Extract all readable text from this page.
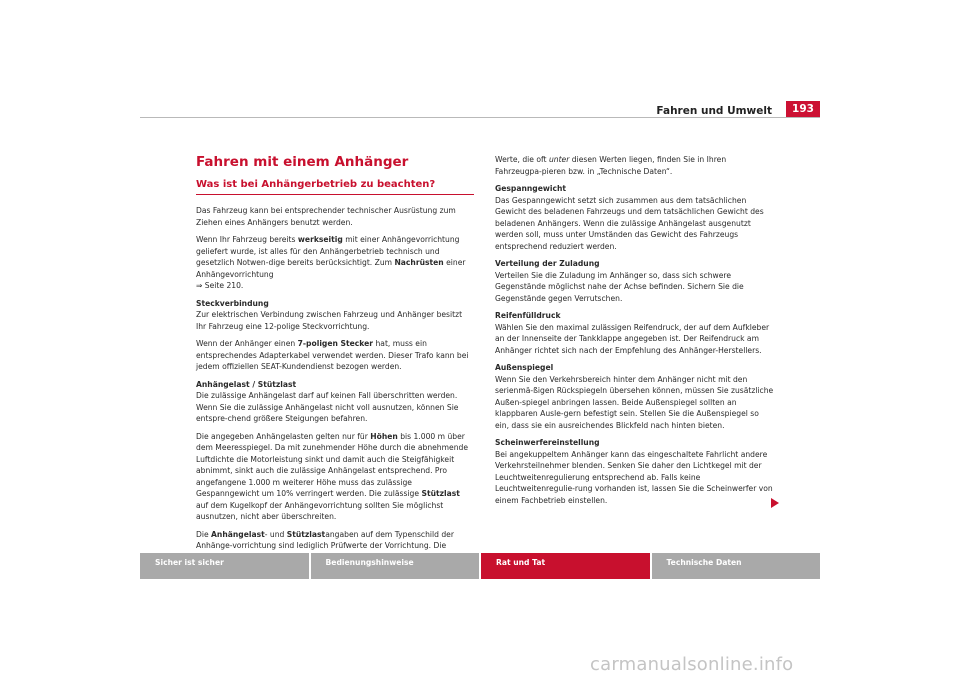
Fahren und Umwelt	193
Fahren mit einem Anhänger
Was ist bei Anhängerbetrieb zu beachten?

Das Fahrzeug kann bei entsprechender technischer Ausrüstung zum Ziehen eines Anhängers benutzt werden.

Wenn Ihr Fahrzeug bereits werkseitig mit einer Anhängevorrichtung geliefert wurde, ist alles für den Anhängerbetrieb technisch und gesetzlich Notwen-dige bereits berücksichtigt. Zum Nachrüsten einer Anhängevorrichtung
⇒ Seite 210.

Steckverbindung
Zur elektrischen Verbindung zwischen Fahrzeug und Anhänger besitzt Ihr Fahrzeug eine 12-polige Steckvorrichtung.

Wenn der Anhänger einen 7-poligen Stecker hat, muss ein entsprechendes Adapterkabel verwendet werden. Dieser Trafo kann bei jedem offiziellen SEAT-Kundendienst bezogen werden.

Anhängelast / Stützlast
Die zulässige Anhängelast darf auf keinen Fall überschritten werden. Wenn Sie die zulässige Anhängelast nicht voll ausnutzen, können Sie entspre-chend größere Steigungen befahren.

Die angegeben Anhängelasten gelten nur für Höhen bis 1.000 m über dem Meeresspiegel. Da mit zunehmender Höhe durch die abnehmende Luftdichte die Motorleistung sinkt und damit auch die Steigfähigkeit abnimmt, sinkt auch die zulässige Anhängelast entsprechend. Pro angefangene 1.000 m weiterer Höhe muss das zulässige Gespanngewicht um 10% verringert werden. Die zulässige Stützlast auf dem Kugelkopf der Anhängevorrichtung sollten Sie möglichst ausnutzen, nicht aber überschreiten.

Die Anhängelast- und Stützlastangaben auf dem Typenschild der Anhänge-vorrichtung sind lediglich Prüfwerte der Vorrichtung. Die

Werte, die oft unter diesen Werten liegen, finden Sie in Ihren Fahrzeugpa-pieren bzw. in „Technische Daten“.

Gespanngewicht
Das Gespanngewicht setzt sich zusammen aus dem tatsächlichen Gewicht des beladenen Fahrzeugs und dem tatsächlichen Gewicht des beladenen Anhängers. Wenn die zulässige Anhängelast ausgenutzt werden soll, muss unter Umständen das Gewicht des Fahrzeugs entsprechend reduziert werden.

Verteilung der Zuladung
Verteilen Sie die Zuladung im Anhänger so, dass sich schwere Gegenstände möglichst nahe der Achse befinden. Sichern Sie die Gegenstände gegen Verrutschen.

Reifenfülldruck
Wählen Sie den maximal zulässigen Reifendruck, der auf dem Aufkleber an der Innenseite der Tankklappe angegeben ist. Der Reifendruck am Anhänger richtet sich nach der Empfehlung des Anhänger-Herstellers.

Außenspiegel
Wenn Sie den Verkehrsbereich hinter dem Anhänger nicht mit den serienmä-ßigen Rückspiegeln übersehen können, müssen Sie zusätzliche Außen-spiegel anbringen lassen. Beide Außenspiegel sollten an klappbaren Ausle-gern befestigt sein. Stellen Sie die Außenspiegel so ein, dass sie ein ausreichendes Blickfeld nach hinten bieten.

Scheinwerfereinstellung
Bei angekuppeltem Anhänger kann das eingeschaltete Fahrlicht andere Verkehrsteilnehmer blenden. Senken Sie daher den Lichtkegel mit der Leuchtweitenregulierung entsprechend ab. Falls keine Leuchtweitenregulie-rung vorhanden ist, lassen Sie die Scheinwerfer von einem Fachbetrieb einstellen.

Sicher ist sicher	Bedienungshinweise	Rat und Tat	Technische Daten
carmanualsonline.info
